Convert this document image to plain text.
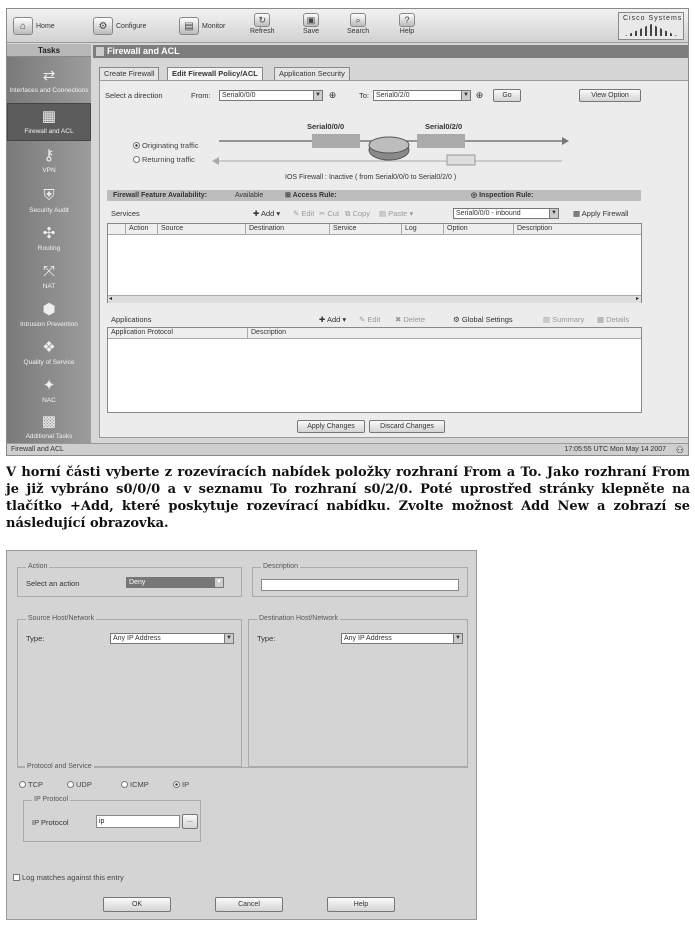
⌂	Home	⚙	Configure	▤	Monitor
↻
Refresh
▣
Save
⌕
Search
?
Help
Cisco Systems
Tasks
⇄
Interfaces and Connections
▦
Firewall and ACL
⚷
VPN
⛨
Security Audit
✣
Routing
⤧
NAT
⬢
Intrusion Prevention
❖
Quality of Service
✦
NAC
▩
Additional Tasks
Firewall and ACL
Create Firewall	Edit Firewall Policy/ACL	Application Security
Select a direction	From:	Serial0/0/0	▼ ⊕	To: Serial0/2/0	▼ ⊕	Go	View Option
Serial0/0/0	Serial0/2/0
Originating traffic
Returning traffic
IOS Firewall : Inactive ( from Serial0/0/0 to Serial0/2/0 )
Firewall Feature Availability:	Available	⊞ Access Rule:	◎ Inspection Rule:
Services	✚ Add ▾ ✎ Edit ✂ Cut ⧉ Copy ▤ Paste ▾	Serial0/0/0 - inbound	▼ ▦ Apply Firewall
Action	Source	Destination	Service	Log	Option	Description
◂	▸
Applications	✚ Add ▾ ✎ Edit ✖ Delete	⚙ Global Settings	▤ Summary ▦ Details
Application Protocol	Description
Apply Changes	Discard Changes
Firewall and ACL	17:05:55 UTC Mon May 14 2007 ⚇
V horní části vyberte z rozevíracích nabídek položky rozhraní From a To. Jako rozhraní From je již vybráno s0/0/0 a v seznamu To rozhraní s0/2/0. Poté uprostřed stránky klepněte na tlačítko +Add, které poskytuje rozevírací nabídku. Zvolte možnost Add New a zobrazí se následující obrazovka.
Action
Select an action	Deny	▼
Description
Source Host/Network
Type:	Any IP Address	▼
Destination Host/Network
Type:	Any IP Address	▼
Protocol and Service
TCP	UDP	ICMP	IP
IP Protocol
IP Protocol	ip	...
Log matches against this entry
OK	Cancel	Help
